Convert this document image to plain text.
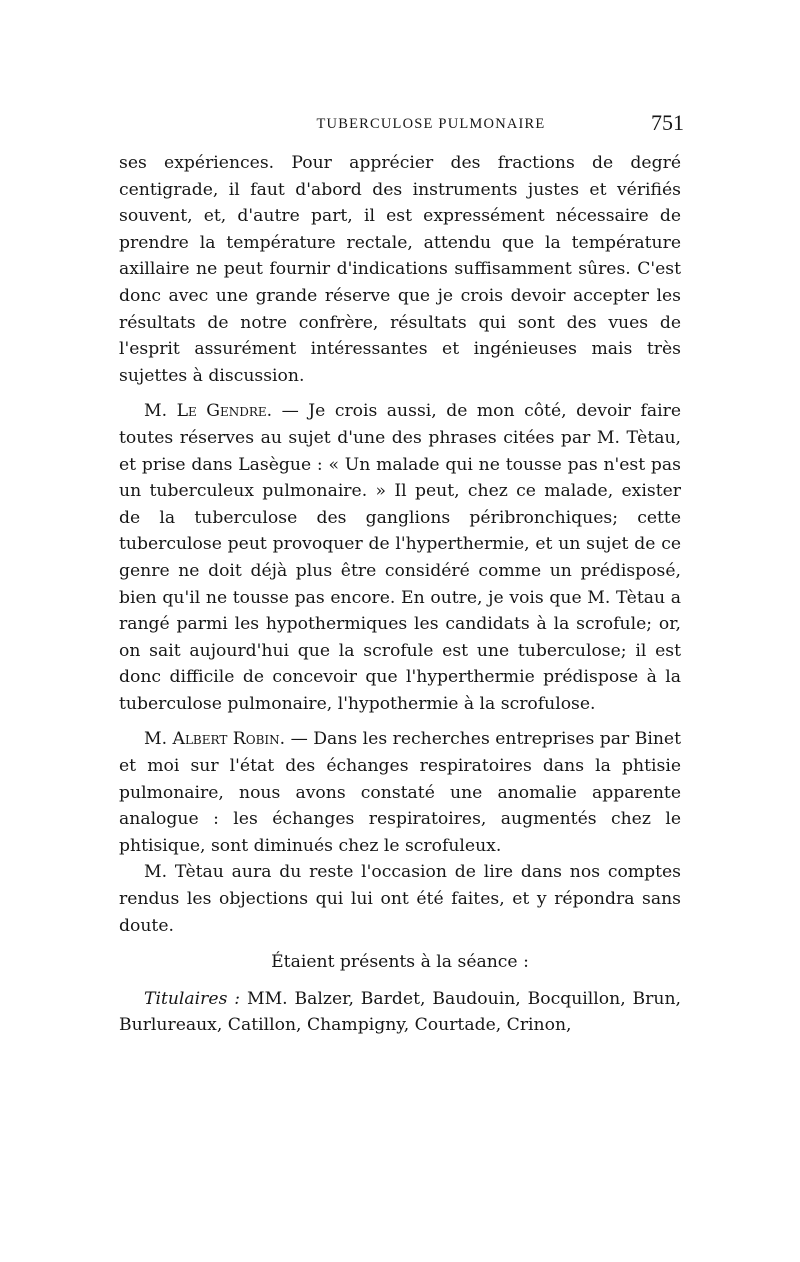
TUBERCULOSE PULMONAIRE	751

ses expériences. Pour apprécier des fractions de degré centigrade, il faut d'abord des instruments justes et vérifiés souvent, et, d'autre part, il est expressément nécessaire de prendre la température rectale, attendu que la température axillaire ne peut fournir d'indications suffisamment sûres. C'est donc avec une grande réserve que je crois devoir accepter les résultats de notre confrère, résultats qui sont des vues de l'esprit assurément intéressantes et ingénieuses mais très sujettes à discussion.

M. Le Gendre. — Je crois aussi, de mon côté, devoir faire toutes réserves au sujet d'une des phrases citées par M. Tètau, et prise dans Lasègue : « Un malade qui ne tousse pas n'est pas un tuberculeux pulmonaire. » Il peut, chez ce malade, exister de la tuberculose des ganglions péribronchiques; cette tuberculose peut provoquer de l'hyperthermie, et un sujet de ce genre ne doit déjà plus être considéré comme un prédisposé, bien qu'il ne tousse pas encore. En outre, je vois que M. Tètau a rangé parmi les hypothermiques les candidats à la scrofule; or, on sait aujourd'hui que la scrofule est une tuberculose; il est donc difficile de concevoir que l'hyperthermie prédispose à la tuberculose pulmonaire, l'hypothermie à la scrofulose.

M. Albert Robin. — Dans les recherches entreprises par Binet et moi sur l'état des échanges respiratoires dans la phtisie pulmonaire, nous avons constaté une anomalie apparente analogue : les échanges respiratoires, augmentés chez le phtisique, sont diminués chez le scrofuleux.

M. Tètau aura du reste l'occasion de lire dans nos comptes rendus les objections qui lui ont été faites, et y répondra sans doute.

Étaient présents à la séance :

Titulaires : MM. Balzer, Bardet, Baudouin, Bocquillon, Brun, Burlureaux, Catillon, Champigny, Courtade, Crinon,
